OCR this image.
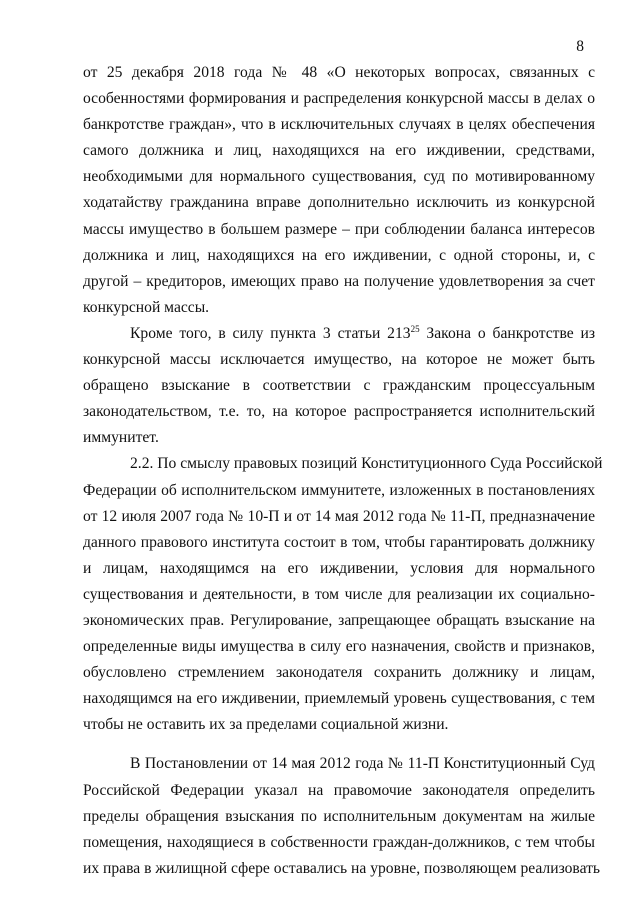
8
от 25 декабря 2018 года № 48 «О некоторых вопросах, связанных с
особенностями формирования и распределения конкурсной массы в делах о
банкротстве граждан», что в исключительных случаях в целях обеспечения
самого должника и лиц, находящихся на его иждивении, средствами,
необходимыми для нормального существования, суд по мотивированному
ходатайству гражданина вправе дополнительно исключить из конкурсной
массы имущество в большем размере – при соблюдении баланса интересов
должника и лиц, находящихся на его иждивении, с одной стороны, и, с
другой – кредиторов, имеющих право на получение удовлетворения за счет
конкурсной массы.
Кроме того, в силу пункта 3 статьи $213^{25}$ Закона о банкротстве из
конкурсной массы исключается имущество, на которое не может быть
обращено взыскание в соответствии с гражданским процессуальным
законодательством, т.е. то, на которое распространяется исполнительский
иммунитет.
2.2. По смыслу правовых позиций Конституционного Суда Российской
Федерации об исполнительском иммунитете, изложенных в постановлениях
от 12 июля 2007 года № 10-П и от 14 мая 2012 года № 11-П, предназначение
данного правового института состоит в том, чтобы гарантировать должнику
и лицам, находящимся на его иждивении, условия для нормального
существования и деятельности, в том числе для реализации их социально-
экономических прав. Регулирование, запрещающее обращать взыскание на
определенные виды имущества в силу его назначения, свойств и признаков,
обусловлено стремлением законодателя сохранить должнику и лицам,
находящимся на его иждивении, приемлемый уровень существования, с тем
чтобы не оставить их за пределами социальной жизни.
В Постановлении от 14 мая 2012 года № 11-П Конституционный Суд
Российской Федерации указал на правомочие законодателя определить
пределы обращения взыскания по исполнительным документам на жилые
помещения, находящиеся в собственности граждан-должников, с тем чтобы
их права в жилищной сфере оставались на уровне, позволяющем реализовать
